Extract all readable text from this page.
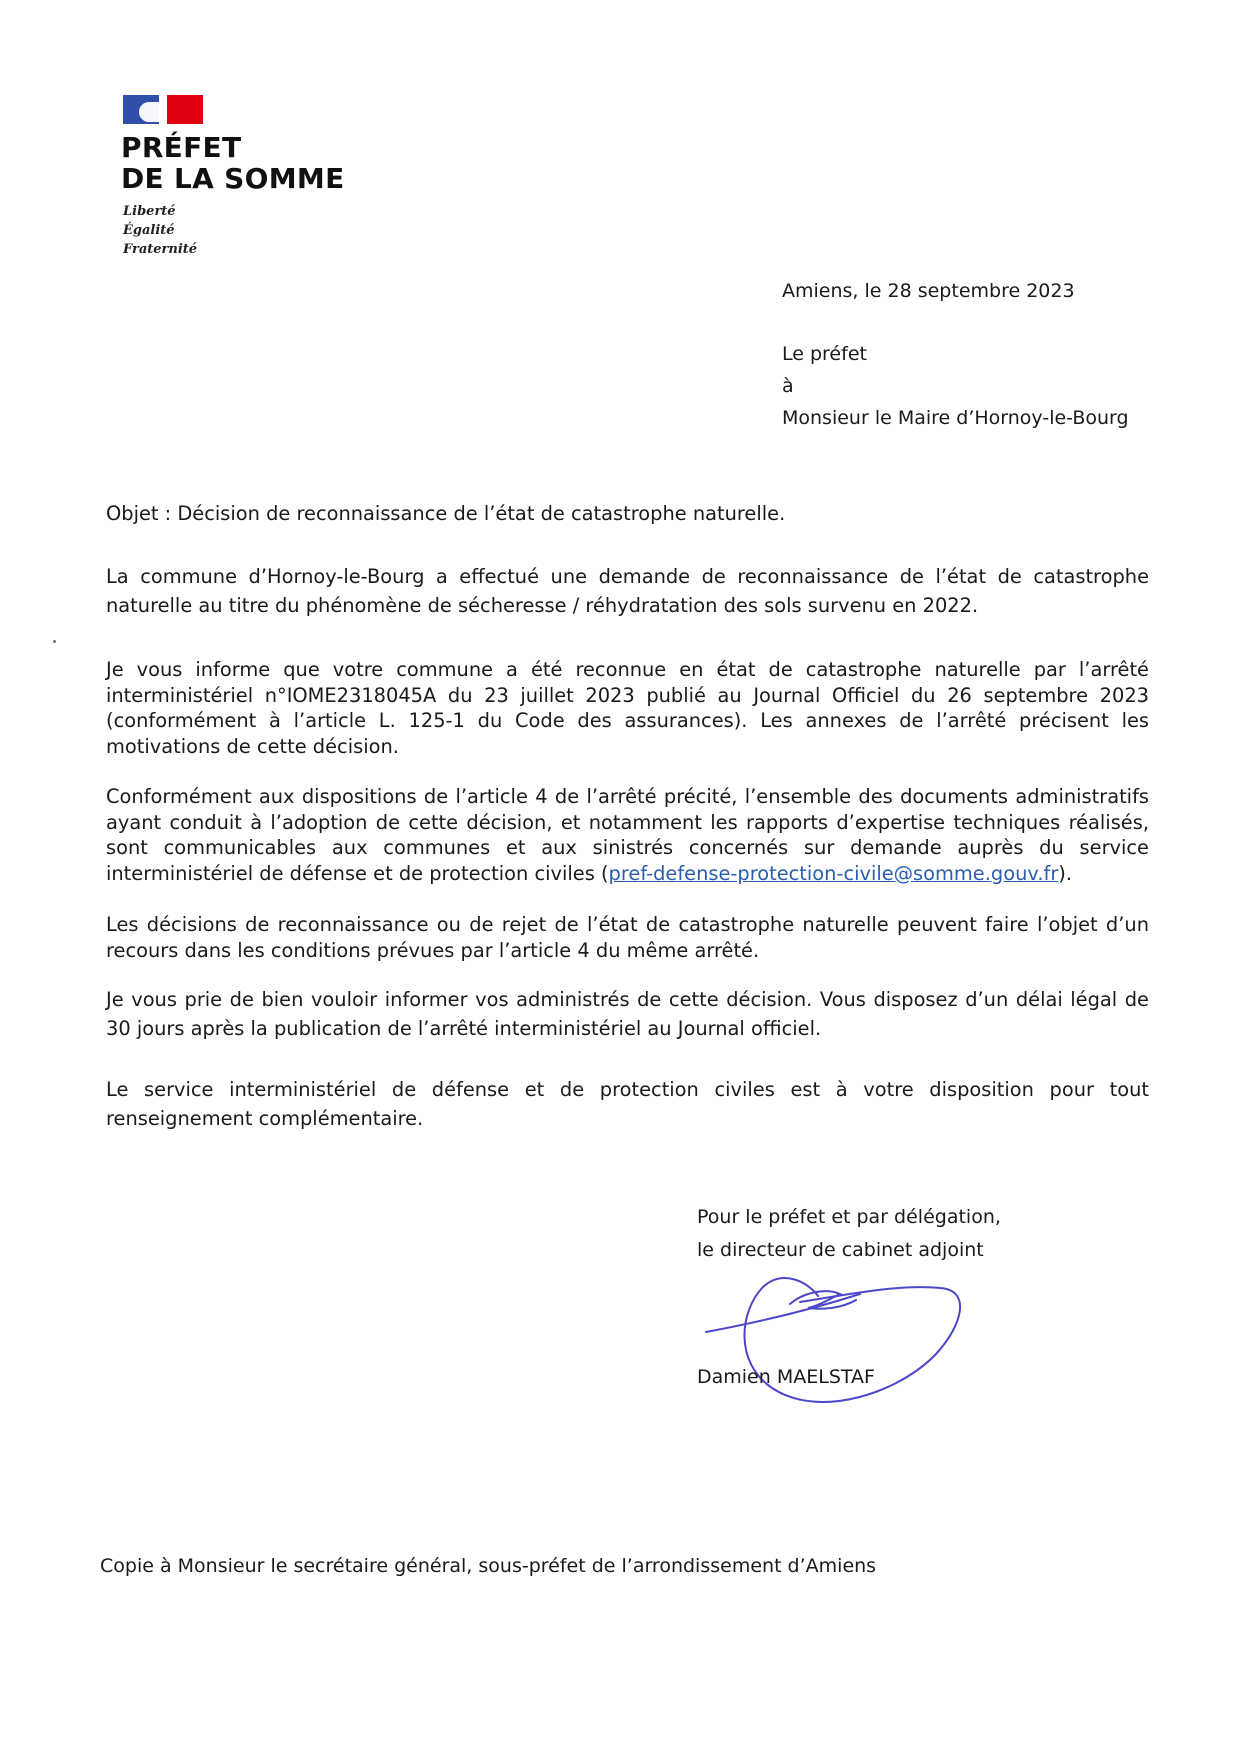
PRÉFET
DE LA SOMME
Liberté
Égalité
Fraternité
Amiens, le 28 septembre 2023
Le préfet
à
Monsieur le Maire d’Hornoy-le-Bourg

Objet : Décision de reconnaissance de l’état de catastrophe naturelle.

La commune d’Hornoy-le-Bourg a effectué une demande de reconnaissance de l’état de catastrophe naturelle au titre du phénomène de sécheresse / réhydratation des sols survenu en 2022.

Je vous informe que votre commune a été reconnue en état de catastrophe naturelle par l’arrêté interministériel n°IOME2318045A du 23 juillet 2023 publié au Journal Officiel du 26 septembre 2023 (conformément à l’article L. 125-1 du Code des assurances). Les annexes de l’arrêté précisent les motivations de cette décision.

Conformément aux dispositions de l’article 4 de l’arrêté précité, l’ensemble des documents administratifs ayant conduit à l’adoption de cette décision, et notamment les rapports d’expertise techniques réalisés, sont communicables aux communes et aux sinistrés concernés sur demande auprès du service interministériel de défense et de protection civiles (pref-defense-protection-civile@somme.gouv.fr).

Les décisions de reconnaissance ou de rejet de l’état de catastrophe naturelle peuvent faire l’objet d’un recours dans les conditions prévues par l’article 4 du même arrêté.

Je vous prie de bien vouloir informer vos administrés de cette décision. Vous disposez d’un délai légal de 30 jours après la publication de l’arrêté interministériel au Journal officiel.

Le service interministériel de défense et de protection civiles est à votre disposition pour tout renseignement complémentaire.

Pour le préfet et par délégation,
le directeur de cabinet adjoint
Damien MAELSTAF
Copie à Monsieur le secrétaire général, sous-préfet de l’arrondissement d’Amiens
